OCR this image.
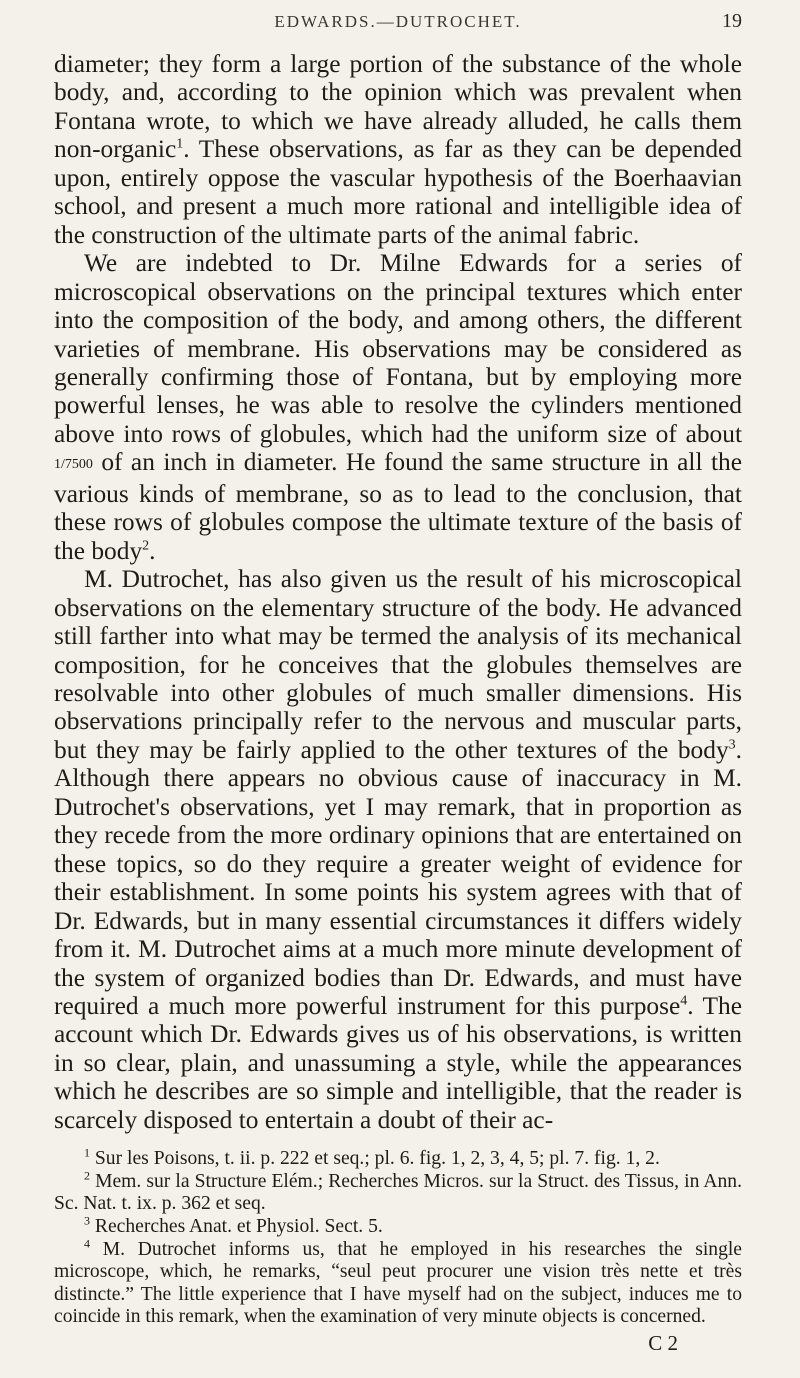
EDWARDS.—DUTROCHET.	19

diameter; they form a large portion of the substance of the whole body, and, according to the opinion which was prevalent when Fontana wrote, to which we have already alluded, he calls them non-organic$^1$. These observations, as far as they can be depended upon, entirely oppose the vascular hypothesis of the Boerhaavian school, and present a much more rational and intelligible idea of the construction of the ultimate parts of the animal fabric.

We are indebted to Dr. Milne Edwards for a series of microscopical observations on the principal textures which enter into the composition of the body, and among others, the different varieties of membrane. His observations may be considered as generally confirming those of Fontana, but by employing more powerful lenses, he was able to resolve the cylinders mentioned above into rows of globules, which had the uniform size of about 1/7500 of an inch in diameter. He found the same structure in all the various kinds of membrane, so as to lead to the conclusion, that these rows of globules compose the ultimate texture of the basis of the body$^2$.

M. Dutrochet, has also given us the result of his microscopical observations on the elementary structure of the body. He advanced still farther into what may be termed the analysis of its mechanical composition, for he conceives that the globules themselves are resolvable into other globules of much smaller dimensions. His observations principally refer to the nervous and muscular parts, but they may be fairly applied to the other textures of the body$^3$. Although there appears no obvious cause of inaccuracy in M. Dutrochet's observations, yet I may remark, that in proportion as they recede from the more ordinary opinions that are entertained on these topics, so do they require a greater weight of evidence for their establishment. In some points his system agrees with that of Dr. Edwards, but in many essential circumstances it differs widely from it. M. Dutrochet aims at a much more minute development of the system of organized bodies than Dr. Edwards, and must have required a much more powerful instrument for this purpose$^4$. The account which Dr. Edwards gives us of his observations, is written in so clear, plain, and unassuming a style, while the appearances which he describes are so simple and intelligible, that the reader is scarcely disposed to entertain a doubt of their ac-

$^1$ Sur les Poisons, t. ii. p. 222 et seq.; pl. 6. fig. 1, 2, 3, 4, 5; pl. 7. fig. 1, 2.

$^2$ Mem. sur la Structure Elém.; Recherches Micros. sur la Struct. des Tissus, in Ann. Sc. Nat. t. ix. p. 362 et seq.

$^3$ Recherches Anat. et Physiol. Sect. 5.

$^4$ M. Dutrochet informs us, that he employed in his researches the single microscope, which, he remarks, “seul peut procurer une vision très nette et très distincte.” The little experience that I have myself had on the subject, induces me to coincide in this remark, when the examination of very minute objects is concerned.

C 2
